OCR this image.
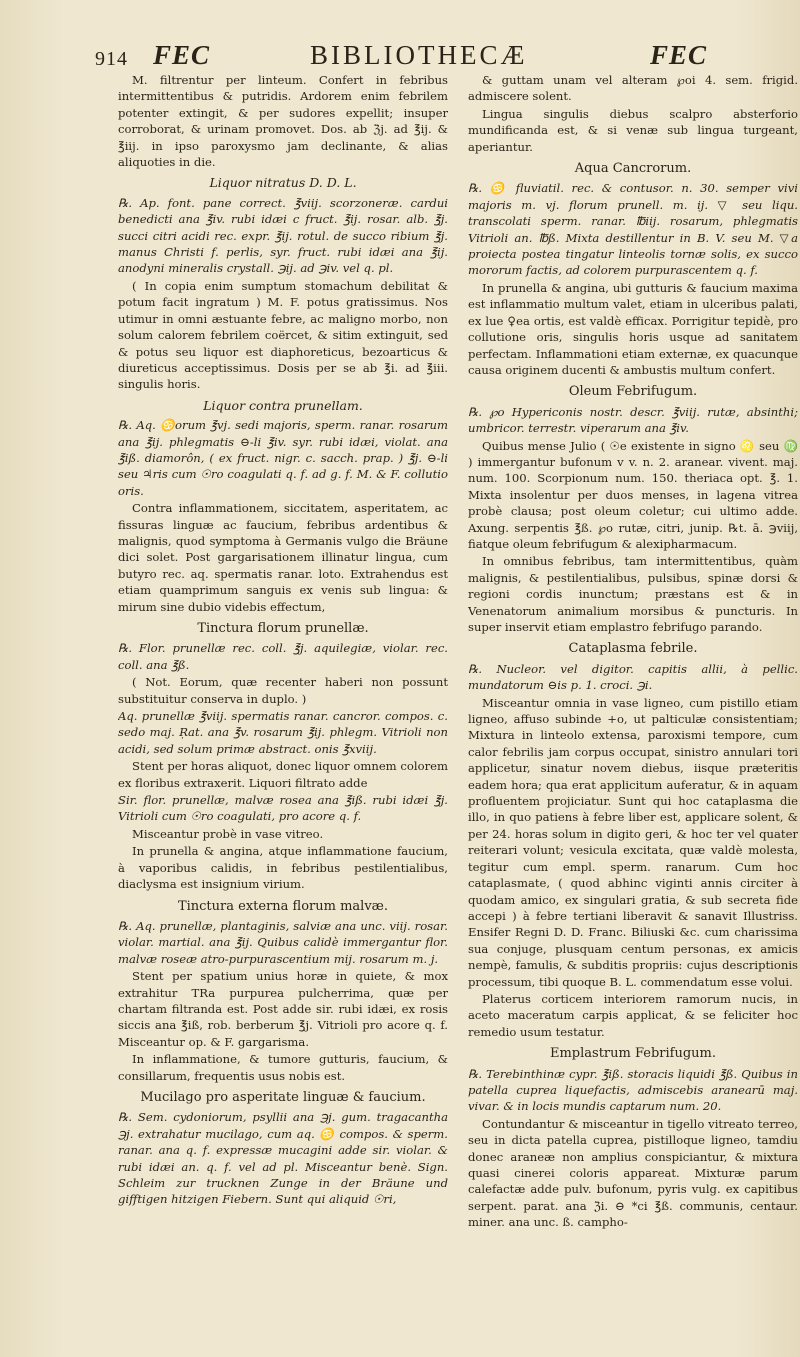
914 FEC	BIBLIOTHECÆ	FEC

M. filtrentur per linteum. Confert in febribus intermittentibus & putridis. Ardorem enim febrilem potenter extingit, & per sudores expellit; insuper corroborat, & urinam promovet. Dos. ab ℨj. ad ℥ij. & ℥iij. in ipso paroxysmo jam declinante, & alias aliquoties in die.

Liquor nitratus D. D. L.

℞. Ap. font. pane correct. ℥viij. scorzoneræ. cardui benedicti ana ℥iv. rubi idæi c fruct. ℥ij. rosar. alb. ℥j. succi citri acidi rec. expr. ℥ij. rotul. de succo ribium ℥j. manus Christi f. perlis, syr. fruct. rubi idæi ana ℥ij. anodyni mineralis crystall. ℈ij. ad ℈iv. vel q. pl.

( In copia enim sumptum stomachum debilitat & potum facit ingratum ) M. F. potus gratissimus. Nos utimur in omni æstuante febre, ac maligno morbo, non solum calorem febrilem coërcet, & sitim extinguit, sed & potus seu liquor est diaphoreticus, bezoarticus & diureticus acceptissimus. Dosis per se ab ℥i. ad ℥iii. singulis horis.

Liquor contra prunellam.

℞. Aq. ♋orum ℥vj. sedi majoris, sperm. ranar. rosarum ana ℥ij. phlegmatis ⊖-li ℥iv. syr. rubi idæi, violat. ana ℥iß. diamorôn, ( ex fruct. nigr. c. sacch. prap. ) ℥j. ⊖-li seu ♃ris cum ☉ro coagulati q. f. ad g. f. M. & F. collutio oris.

Contra inflammationem, siccitatem, asperitatem, ac fissuras linguæ ac faucium, febribus ardentibus & malignis, quod symptoma à Germanis vulgo die Bräune dici solet. Post gargarisationem illinatur lingua, cum butyro rec. aq. spermatis ranar. loto. Extrahendus est etiam quamprimum sanguis ex venis sub lingua: & mirum sine dubio videbis effectum,

Tinctura florum prunellæ.

℞. Flor. prunellæ rec. coll. ℥j. aquilegiæ, violar. rec. coll. ana ℥ß.

( Not. Eorum, quæ recenter haberi non possunt substituitur conserva in duplo. )

Aq. prunellæ ℥viij. spermatis ranar. cancror. compos. c. sedo maj. Ṛat. ana ℥v. rosarum ℥ij. phlegm. Vitrioli non acidi, sed solum primæ abstract. onis ℥xviij.

Stent per horas aliquot, donec liquor omnem colorem ex floribus extraxerit. Liquori filtrato adde

Sir. flor. prunellæ, malvæ rosea ana ℥iß. rubi idæi ℥j. Vitrioli cum ☉ro coagulati, pro acore q. f.

Misceantur probè in vase vitreo.

In prunella & angina, atque inflammatione faucium, à vaporibus calidis, in febribus pestilentialibus, diaclysma est insignium virium.

Tinctura externa florum malvæ.

℞. Aq. prunellæ, plantaginis, salviæ ana unc. viij. rosar. violar. martial. ana ℥ij. Quibus calidè immergantur flor. malvæ roseæ atro-purpurascentium mij. rosarum m. j.

Stent per spatium unius horæ in quiete, & mox extrahitur TRa purpurea pulcherrima, quæ per chartam filtranda est. Post adde sir. rubi idæi, ex rosis siccis ana ℥iß, rob. berberum ℥j. Vitrioli pro acore q. f. Misceantur op. & F. gargarisma.

In inflammatione, & tumore gutturis, faucium, & consillarum, frequentis usus nobis est.

Mucilago pro asperitate linguæ & faucium.

℞. Sem. cydoniorum, psyllii ana ℈j. gum. tragacantha ℈j. extrahatur mucilago, cum aq. ♋ compos. & sperm. ranar. ana q. f. expressæ mucagini adde sir. violar. & rubi idæi an. q. f. vel ad pl. Misceantur benè. Sign. Schleim zur trucknen Zunge in der Bräune und gifftigen hitzigen Fiebern. Sunt qui aliquid ☉ri,

& guttam unam vel alteram ℘oi 4. sem. frigid. admiscere solent.

Lingua singulis diebus scalpro absterforio mundificanda est, & si venæ sub lingua turgeant, aperiantur.

Aqua Cancrorum.

℞. ♋ fluviatil. rec. & contusor. n. 30. semper vivi majoris m. vj. florum prunell. m. ij. ▽ seu liqu. transcolati sperm. ranar. ℔iij. rosarum, phlegmatis Vitrioli an. ℔ß. Mixta destillentur in B. V. seu M. ▽a proiecta postea tingatur linteolis tornæ solis, ex succo mororum factis, ad colorem purpurascentem q. f.

In prunella & angina, ubi gutturis & faucium maxima est inflammatio multum valet, etiam in ulceribus palati, ex lue ♀ea ortis, est valdè efficax. Porrigitur tepidè, pro collutione oris, singulis horis usque ad sanitatem perfectam. Inflammationi etiam externæ, ex quacunque causa originem ducenti & ambustis multum confert.

Oleum Febrifugum.

℞. ℘o Hypericonis nostr. descr. ℥viij. rutæ, absinthi; umbricor. terrestr. viperarum ana ℥iv.

Quibus mense Julio ( ☉e existente in signo ♌ seu ♍ ) immergantur bufonum v v. n. 2. aranear. vivent. maj. num. 100. Scorpionum num. 150. theriaca opt. ℥. 1. Mixta insolentur per duos menses, in lagena vitrea probè clausa; post oleum coletur; cui ultimo adde. Axung. serpentis ℥ß. ℘o rutæ, citri, junip. ℞t. ā. ℈viij, fiatque oleum febrifugum & alexipharmacum.

In omnibus febribus, tam intermittentibus, quàm malignis, & pestilentialibus, pulsibus, spinæ dorsi & regioni cordis inunctum; præstans est & in Venenatorum animalium morsibus & puncturis. In super inservit etiam emplastro febrifugo parando.

Cataplasma febrile.

℞. Nucleor. vel digitor. capitis allii, à pellic. mundatorum ⊖is p. 1. croci. ℈i.

Misceantur omnia in vase ligneo, cum pistillo etiam ligneo, affuso subinde +o, ut palticulæ consistentiam; Mixtura in linteolo extensa, paroxismi tempore, cum calor febrilis jam corpus occupat, sinistro annulari tori applicetur, sinatur novem diebus, iisque præteritis eadem hora; qua erat applicitum auferatur, & in aquam profluentem projiciatur. Sunt qui hoc cataplasma die illo, in quo patiens à febre liber est, applicare solent, & per 24. horas solum in digito geri, & hoc ter vel quater reiterari volunt; vesicula excitata, quæ valdè molesta, tegitur cum empl. sperm. ranarum. Cum hoc cataplasmate, ( quod abhinc viginti annis circiter à quodam amico, ex singulari gratia, & sub secreta fide accepi ) à febre tertiani liberavit & sanavit Illustriss. Ensifer Regni D. D. Franc. Biliuski &c. cum charissima sua conjuge, plusquam centum personas, ex amicis nempè, famulis, & subditis propriis: cujus descriptionis processum, tibi quoque B. L. commendatum esse volui.

Platerus corticem interiorem ramorum nucis, in aceto maceratum carpis applicat, & se feliciter hoc remedio usum testatur.

Emplastrum Febrifugum.

℞. Terebinthinæ cypr. ℥iß. storacis liquidi ℥ß. Quibus in patella cuprea liquefactis, admiscebis aranearū maj. vivar. & in locis mundis captarum num. 20.

Contundantur & misceantur in tigello vitreato terreo, seu in dicta patella cuprea, pistilloque ligneo, tamdiu donec araneæ non amplius conspiciantur, & mixtura quasi cinerei coloris appareat. Mixturæ parum calefactæ adde pulv. bufonum, pyris vulg. ex capitibus serpent. parat. ana ℨi. ⊖ *ci ℥ß. communis, centaur. miner. ana unc. ß. campho-
